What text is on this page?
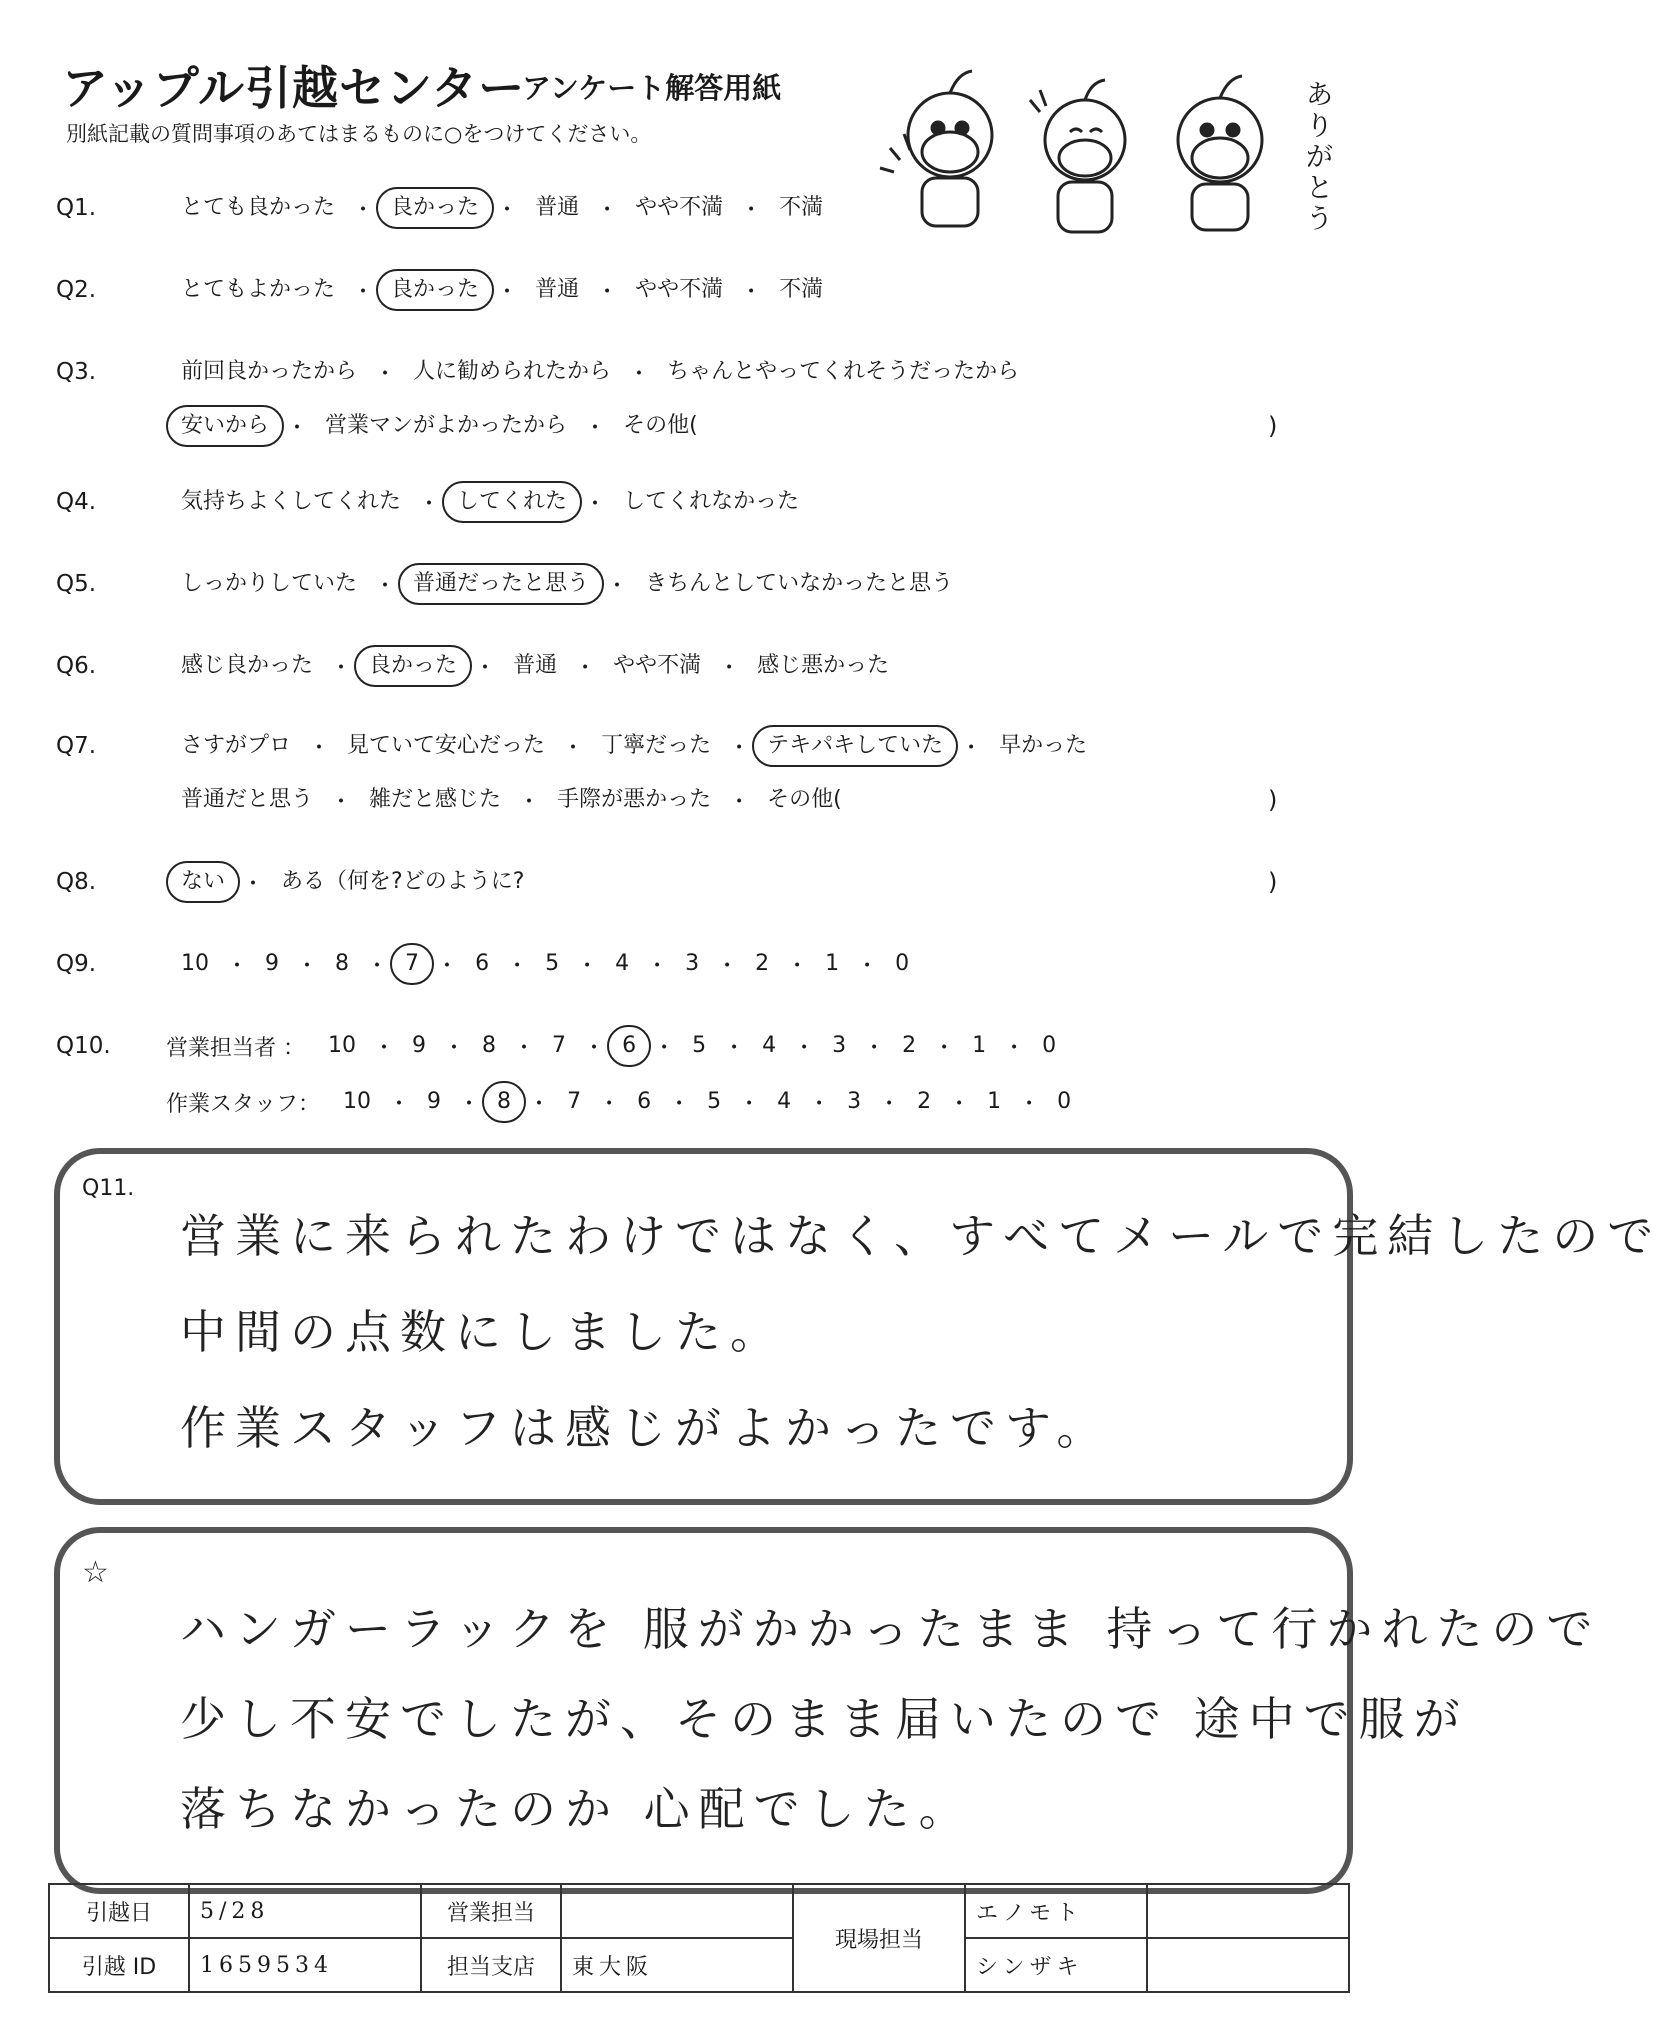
アップル引越センター
アンケート解答用紙
別紙記載の質問事項のあてはまるものに○をつけてください。
ありがとう
Q1.	とても良かった ・ 良かった ・ 普通 ・ やや不満 ・ 不満
Q2.	とてもよかった ・ 良かった ・ 普通 ・ やや不満 ・ 不満
Q3.	前回良かったから ・ 人に勧められたから ・ ちゃんとやってくれそうだったから
安いから ・ 営業マンがよかったから ・ その他(	)
Q4.	気持ちよくしてくれた ・ してくれた ・ してくれなかった
Q5.	しっかりしていた ・ 普通だったと思う ・ きちんとしていなかったと思う
Q6.	感じ良かった ・ 良かった ・ 普通 ・ やや不満 ・ 感じ悪かった
Q7.	さすがプロ ・ 見ていて安心だった ・ 丁寧だった ・ テキパキしていた ・ 早かった
普通だと思う ・ 雑だと感じた ・ 手際が悪かった ・ その他(	)
Q8.	ない ・ ある（何を?どのように?	)
Q9.	10 ・ 9 ・ 8 ・ 7 ・ 6 ・ 5 ・ 4 ・ 3 ・ 2 ・ 1 ・ 0
Q10.	営業担当者 ：	10 ・ 9 ・ 8 ・ 7 ・ 6 ・ 5 ・ 4 ・ 3 ・ 2 ・ 1 ・ 0
作業スタッフ：	10 ・ 9 ・ 8 ・ 7 ・ 6 ・ 5 ・ 4 ・ 3 ・ 2 ・ 1 ・ 0
Q11.
営業に来られたわけではなく、すべてメールで完結したので
中間の点数にしました。
作業スタッフは感じがよかったです。
☆
ハンガーラックを 服がかかったまま 持って行かれたので
少し不安でしたが、そのまま届いたので 途中で服が
落ちなかったのか 心配でした。
引越日	5/28	営業担当		現場担当	エノモト	
引越 ID	1659534	担当支店	東大阪		シンザキ	
